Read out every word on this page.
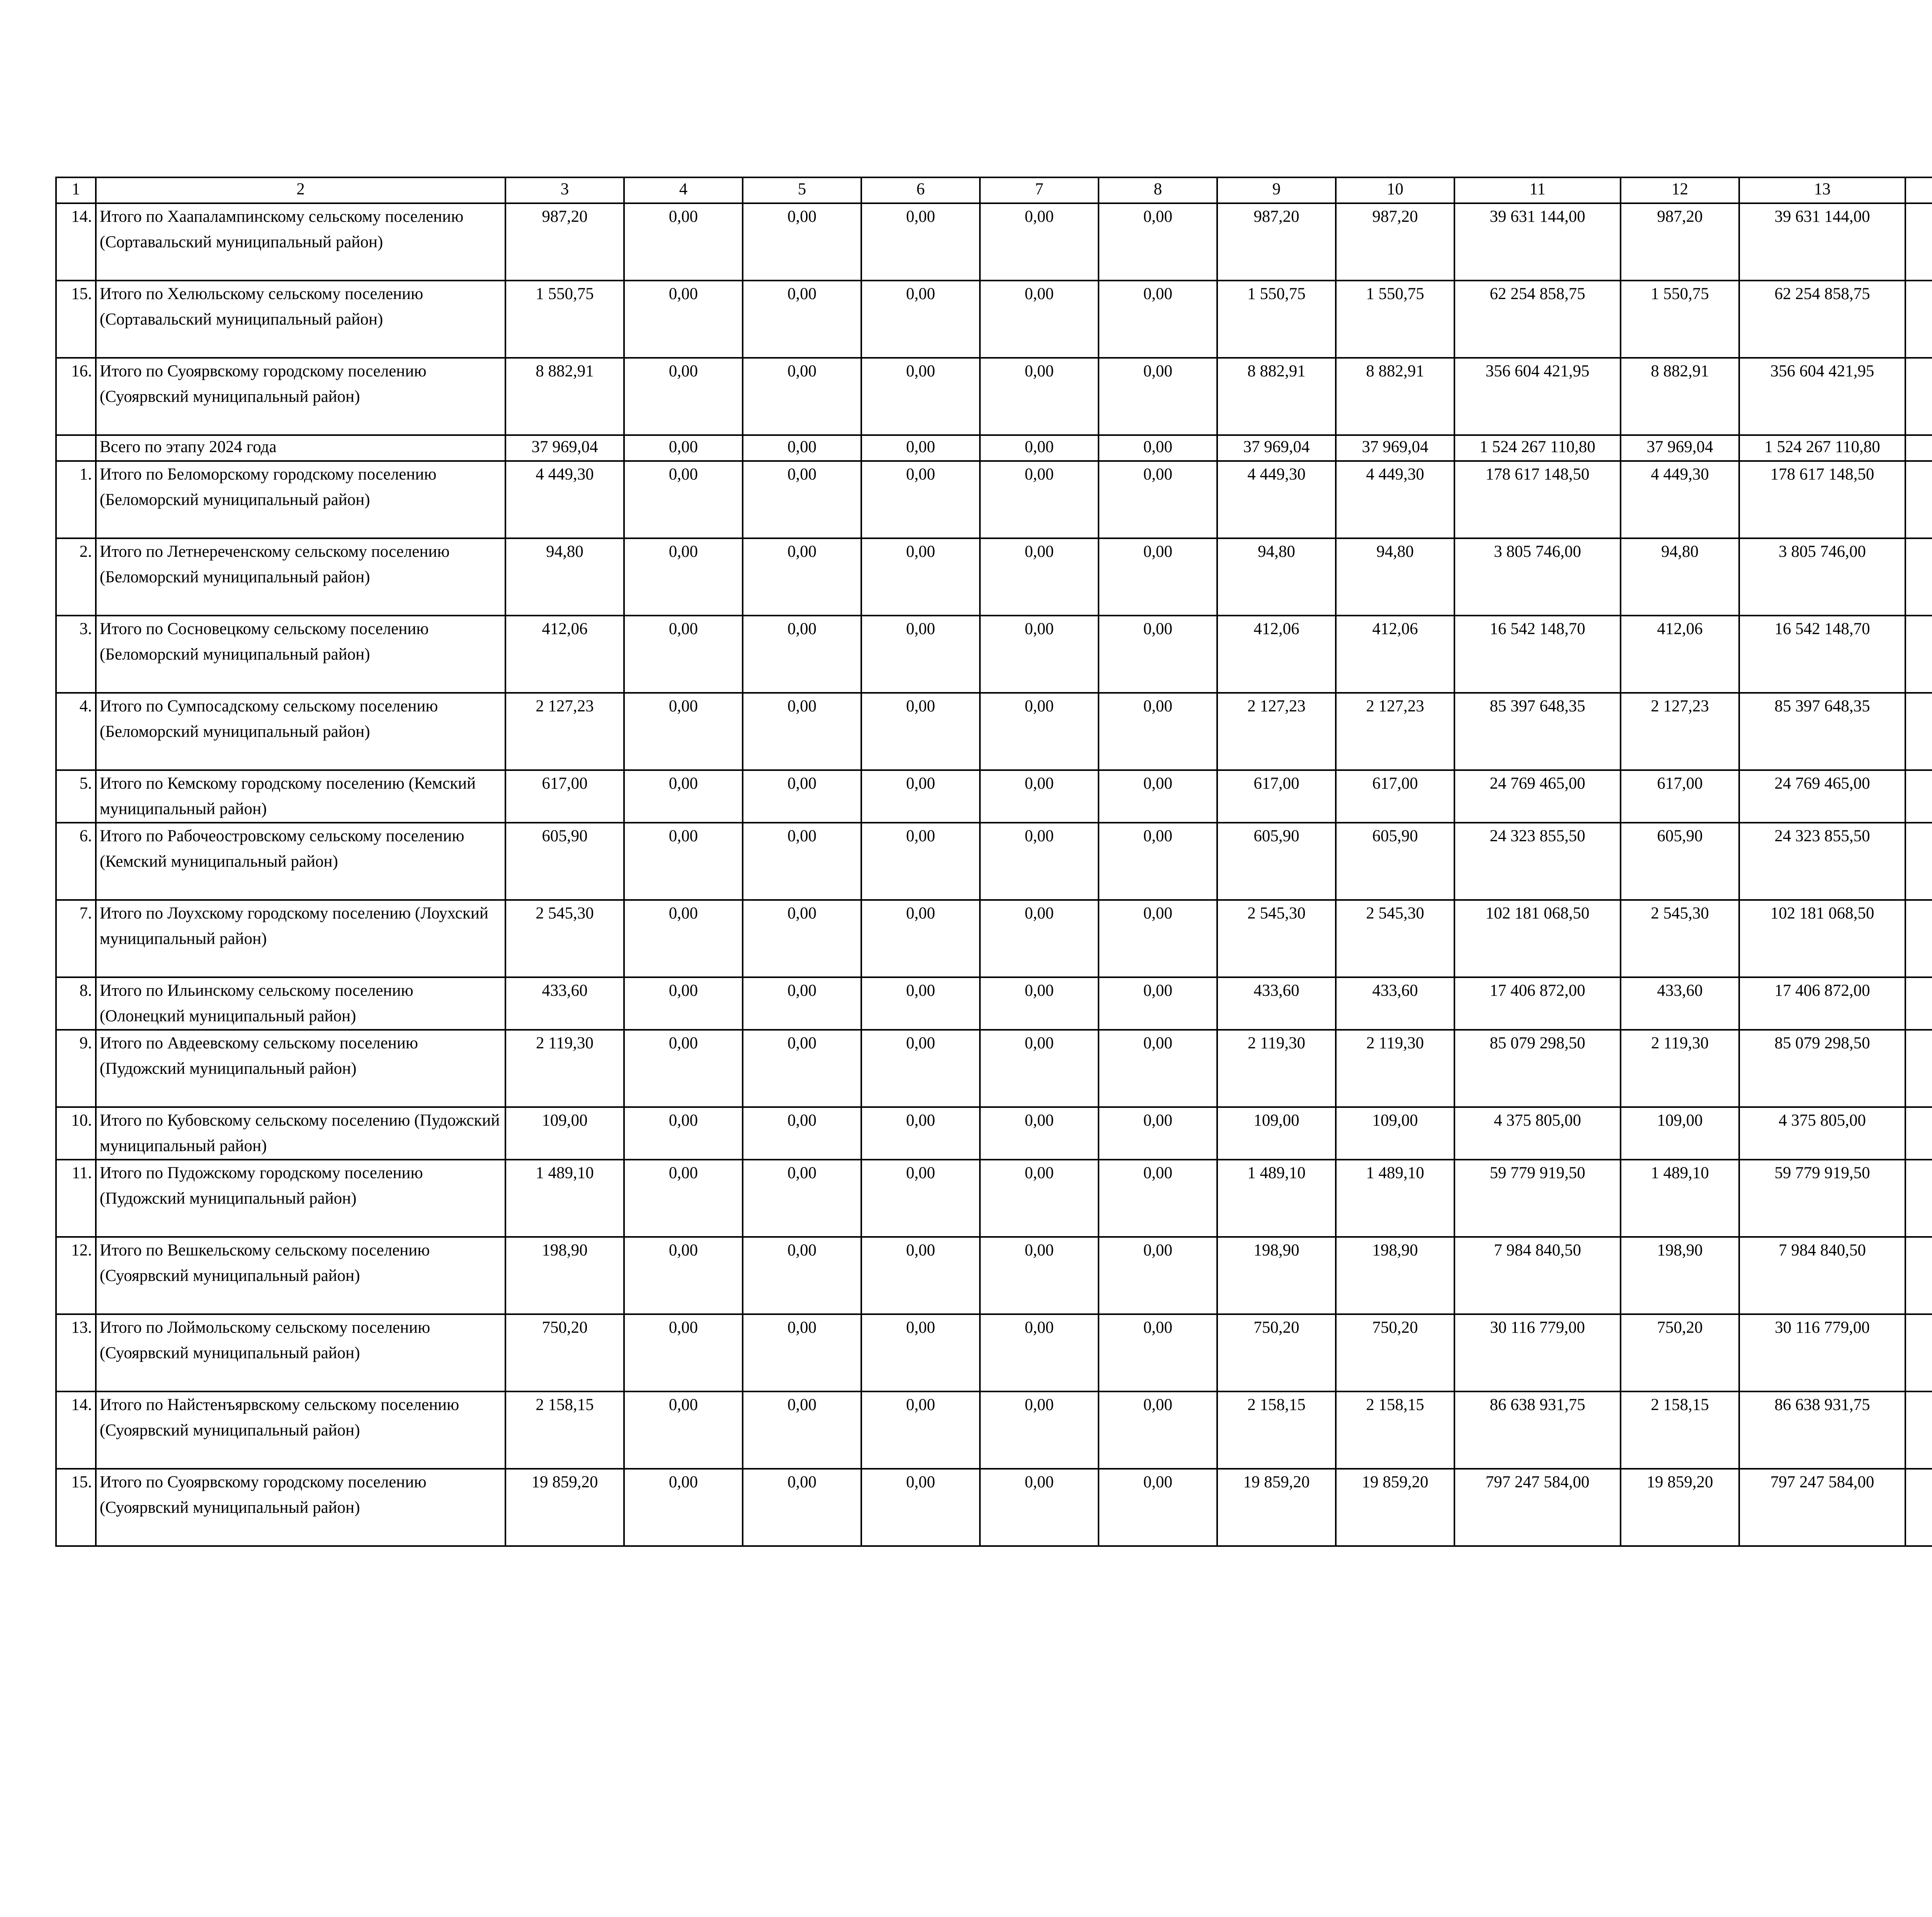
1	2	3	4	5	6	7	8	9	10	11	12	13						
14.	Итого по Хаапалампинскому сельскому поселению (Сортавальский муниципальный район)	987,20	0,00	0,00	0,00	0,00	0,00	987,20	987,20	39 631 144,00	987,20	39 631 144,00						
15.	Итого по Хелюльскому сельскому поселению (Сортавальский муниципальный район)	1 550,75	0,00	0,00	0,00	0,00	0,00	1 550,75	1 550,75	62 254 858,75	1 550,75	62 254 858,75						
16.	Итого по Суоярвскому городскому поселению (Суоярвский муниципальный район)	8 882,91	0,00	0,00	0,00	0,00	0,00	8 882,91	8 882,91	356 604 421,95	8 882,91	356 604 421,95						
	Всего по этапу 2024 года	37 969,04	0,00	0,00	0,00	0,00	0,00	37 969,04	37 969,04	1 524 267 110,80	37 969,04	1 524 267 110,80						
1.	Итого по Беломорскому городскому поселению (Беломорский муниципальный район)	4 449,30	0,00	0,00	0,00	0,00	0,00	4 449,30	4 449,30	178 617 148,50	4 449,30	178 617 148,50						
2.	Итого по Летнереченскому сельскому поселению (Беломорский муниципальный район)	94,80	0,00	0,00	0,00	0,00	0,00	94,80	94,80	3 805 746,00	94,80	3 805 746,00						
3.	Итого по Сосновецкому сельскому поселению (Беломорский муниципальный район)	412,06	0,00	0,00	0,00	0,00	0,00	412,06	412,06	16 542 148,70	412,06	16 542 148,70						
4.	Итого по Сумпосадскому сельскому поселению (Беломорский муниципальный район)	2 127,23	0,00	0,00	0,00	0,00	0,00	2 127,23	2 127,23	85 397 648,35	2 127,23	85 397 648,35						
5.	Итого по Кемскому городскому поселению (Кемский муниципальный район)	617,00	0,00	0,00	0,00	0,00	0,00	617,00	617,00	24 769 465,00	617,00	24 769 465,00						
6.	Итого по Рабочеостровскому сельскому поселению (Кемский муниципальный район)	605,90	0,00	0,00	0,00	0,00	0,00	605,90	605,90	24 323 855,50	605,90	24 323 855,50						
7.	Итого по Лоухскому городскому поселению (Лоухский муниципальный район)	2 545,30	0,00	0,00	0,00	0,00	0,00	2 545,30	2 545,30	102 181 068,50	2 545,30	102 181 068,50						
8.	Итого по Ильинскому сельскому поселению (Олонецкий муниципальный район)	433,60	0,00	0,00	0,00	0,00	0,00	433,60	433,60	17 406 872,00	433,60	17 406 872,00						
9.	Итого по Авдеевскому сельскому поселению (Пудожский муниципальный район)	2 119,30	0,00	0,00	0,00	0,00	0,00	2 119,30	2 119,30	85 079 298,50	2 119,30	85 079 298,50						
10.	Итого по Кубовскому сельскому поселению (Пудожский муниципальный район)	109,00	0,00	0,00	0,00	0,00	0,00	109,00	109,00	4 375 805,00	109,00	4 375 805,00						
11.	Итого по Пудожскому городскому поселению (Пудожский муниципальный район)	1 489,10	0,00	0,00	0,00	0,00	0,00	1 489,10	1 489,10	59 779 919,50	1 489,10	59 779 919,50						
12.	Итого по Вешкельскому сельскому поселению (Суоярвский муниципальный район)	198,90	0,00	0,00	0,00	0,00	0,00	198,90	198,90	7 984 840,50	198,90	7 984 840,50						
13.	Итого по Лоймольскому сельскому поселению (Суоярвский муниципальный район)	750,20	0,00	0,00	0,00	0,00	0,00	750,20	750,20	30 116 779,00	750,20	30 116 779,00						
14.	Итого по Найстенъярвскому сельскому поселению (Суоярвский муниципальный район)	2 158,15	0,00	0,00	0,00	0,00	0,00	2 158,15	2 158,15	86 638 931,75	2 158,15	86 638 931,75						
15.	Итого по Суоярвскому городскому поселению (Суоярвский муниципальный район)	19 859,20	0,00	0,00	0,00	0,00	0,00	19 859,20	19 859,20	797 247 584,00	19 859,20	797 247 584,00						
